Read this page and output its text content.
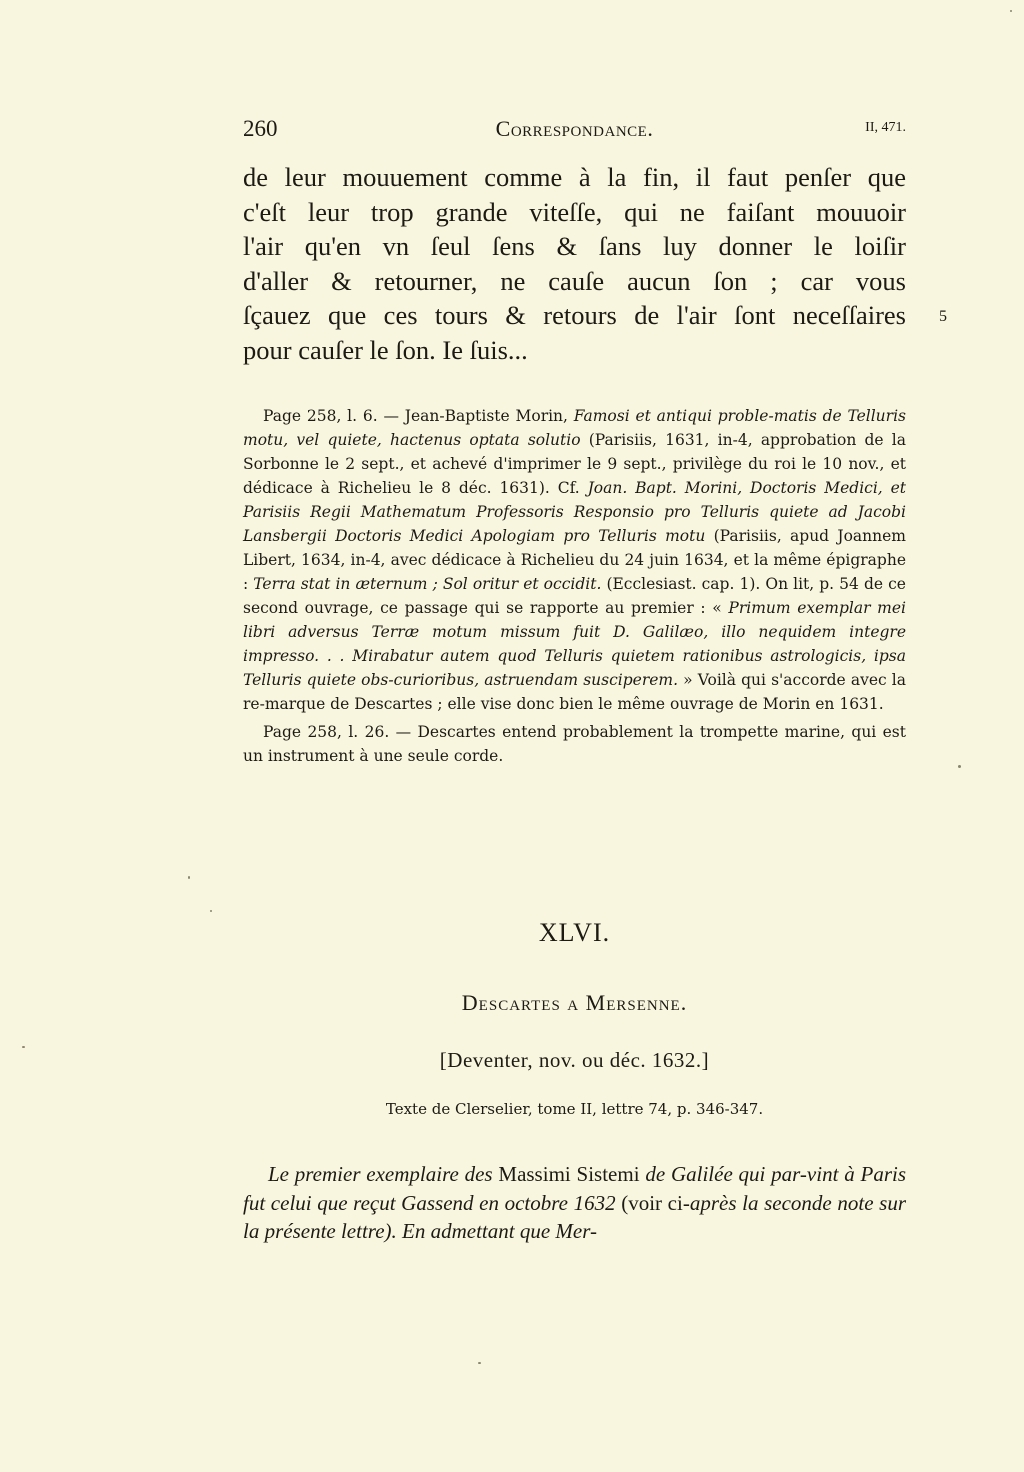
260	Correspondance.	II, 471.
de leur mouuement comme à la fin, il faut penſer que
c'eſt leur trop grande viteſſe, qui ne faiſant mouuoir
l'air qu'en vn ſeul ſens & ſans luy donner le loiſir
d'aller & retourner, ne cauſe aucun ſon ; car vous
ſçauez que ces tours & retours de l'air ſont neceſſaires
pour cauſer le ſon. Ie ſuis...
5

Page 258, l. 6. — Jean-Baptiste Morin, Famosi et antiqui proble-matis de Telluris motu, vel quiete, hactenus optata solutio (Parisiis, 1631, in-4, approbation de la Sorbonne le 2 sept., et achevé d'imprimer le 9 sept., privilège du roi le 10 nov., et dédicace à Richelieu le 8 déc. 1631). Cf. Joan. Bapt. Morini, Doctoris Medici, et Parisiis Regii Mathematum Professoris Responsio pro Telluris quiete ad Jacobi Lansbergii Doctoris Medici Apologiam pro Telluris motu (Parisiis, apud Joannem Libert, 1634, in-4, avec dédicace à Richelieu du 24 juin 1634, et la même épigraphe : Terra stat in æternum ; Sol oritur et occidit. (Ecclesiast. cap. 1). On lit, p. 54 de ce second ouvrage, ce passage qui se rapporte au premier : « Primum exemplar mei libri adversus Terræ motum missum fuit D. Galilæo, illo nequidem integre impresso. . . Mirabatur autem quod Telluris quietem rationibus astrologicis, ipsa Telluris quiete obs-curioribus, astruendam susciperem. » Voilà qui s'accorde avec la re-marque de Descartes ; elle vise donc bien le même ouvrage de Morin en 1631.

Page 258, l. 26. — Descartes entend probablement la trompette marine, qui est un instrument à une seule corde.

XLVI.
Descartes a Mersenne.
[Deventer, nov. ou déc. 1632.]
Texte de Clerselier, tome II, lettre 74, p. 346-347.
Le premier exemplaire des Massimi Sistemi de Galilée qui par-vint à Paris fut celui que reçut Gassend en octobre 1632 (voir ci-après la seconde note sur la présente lettre). En admettant que Mer-
